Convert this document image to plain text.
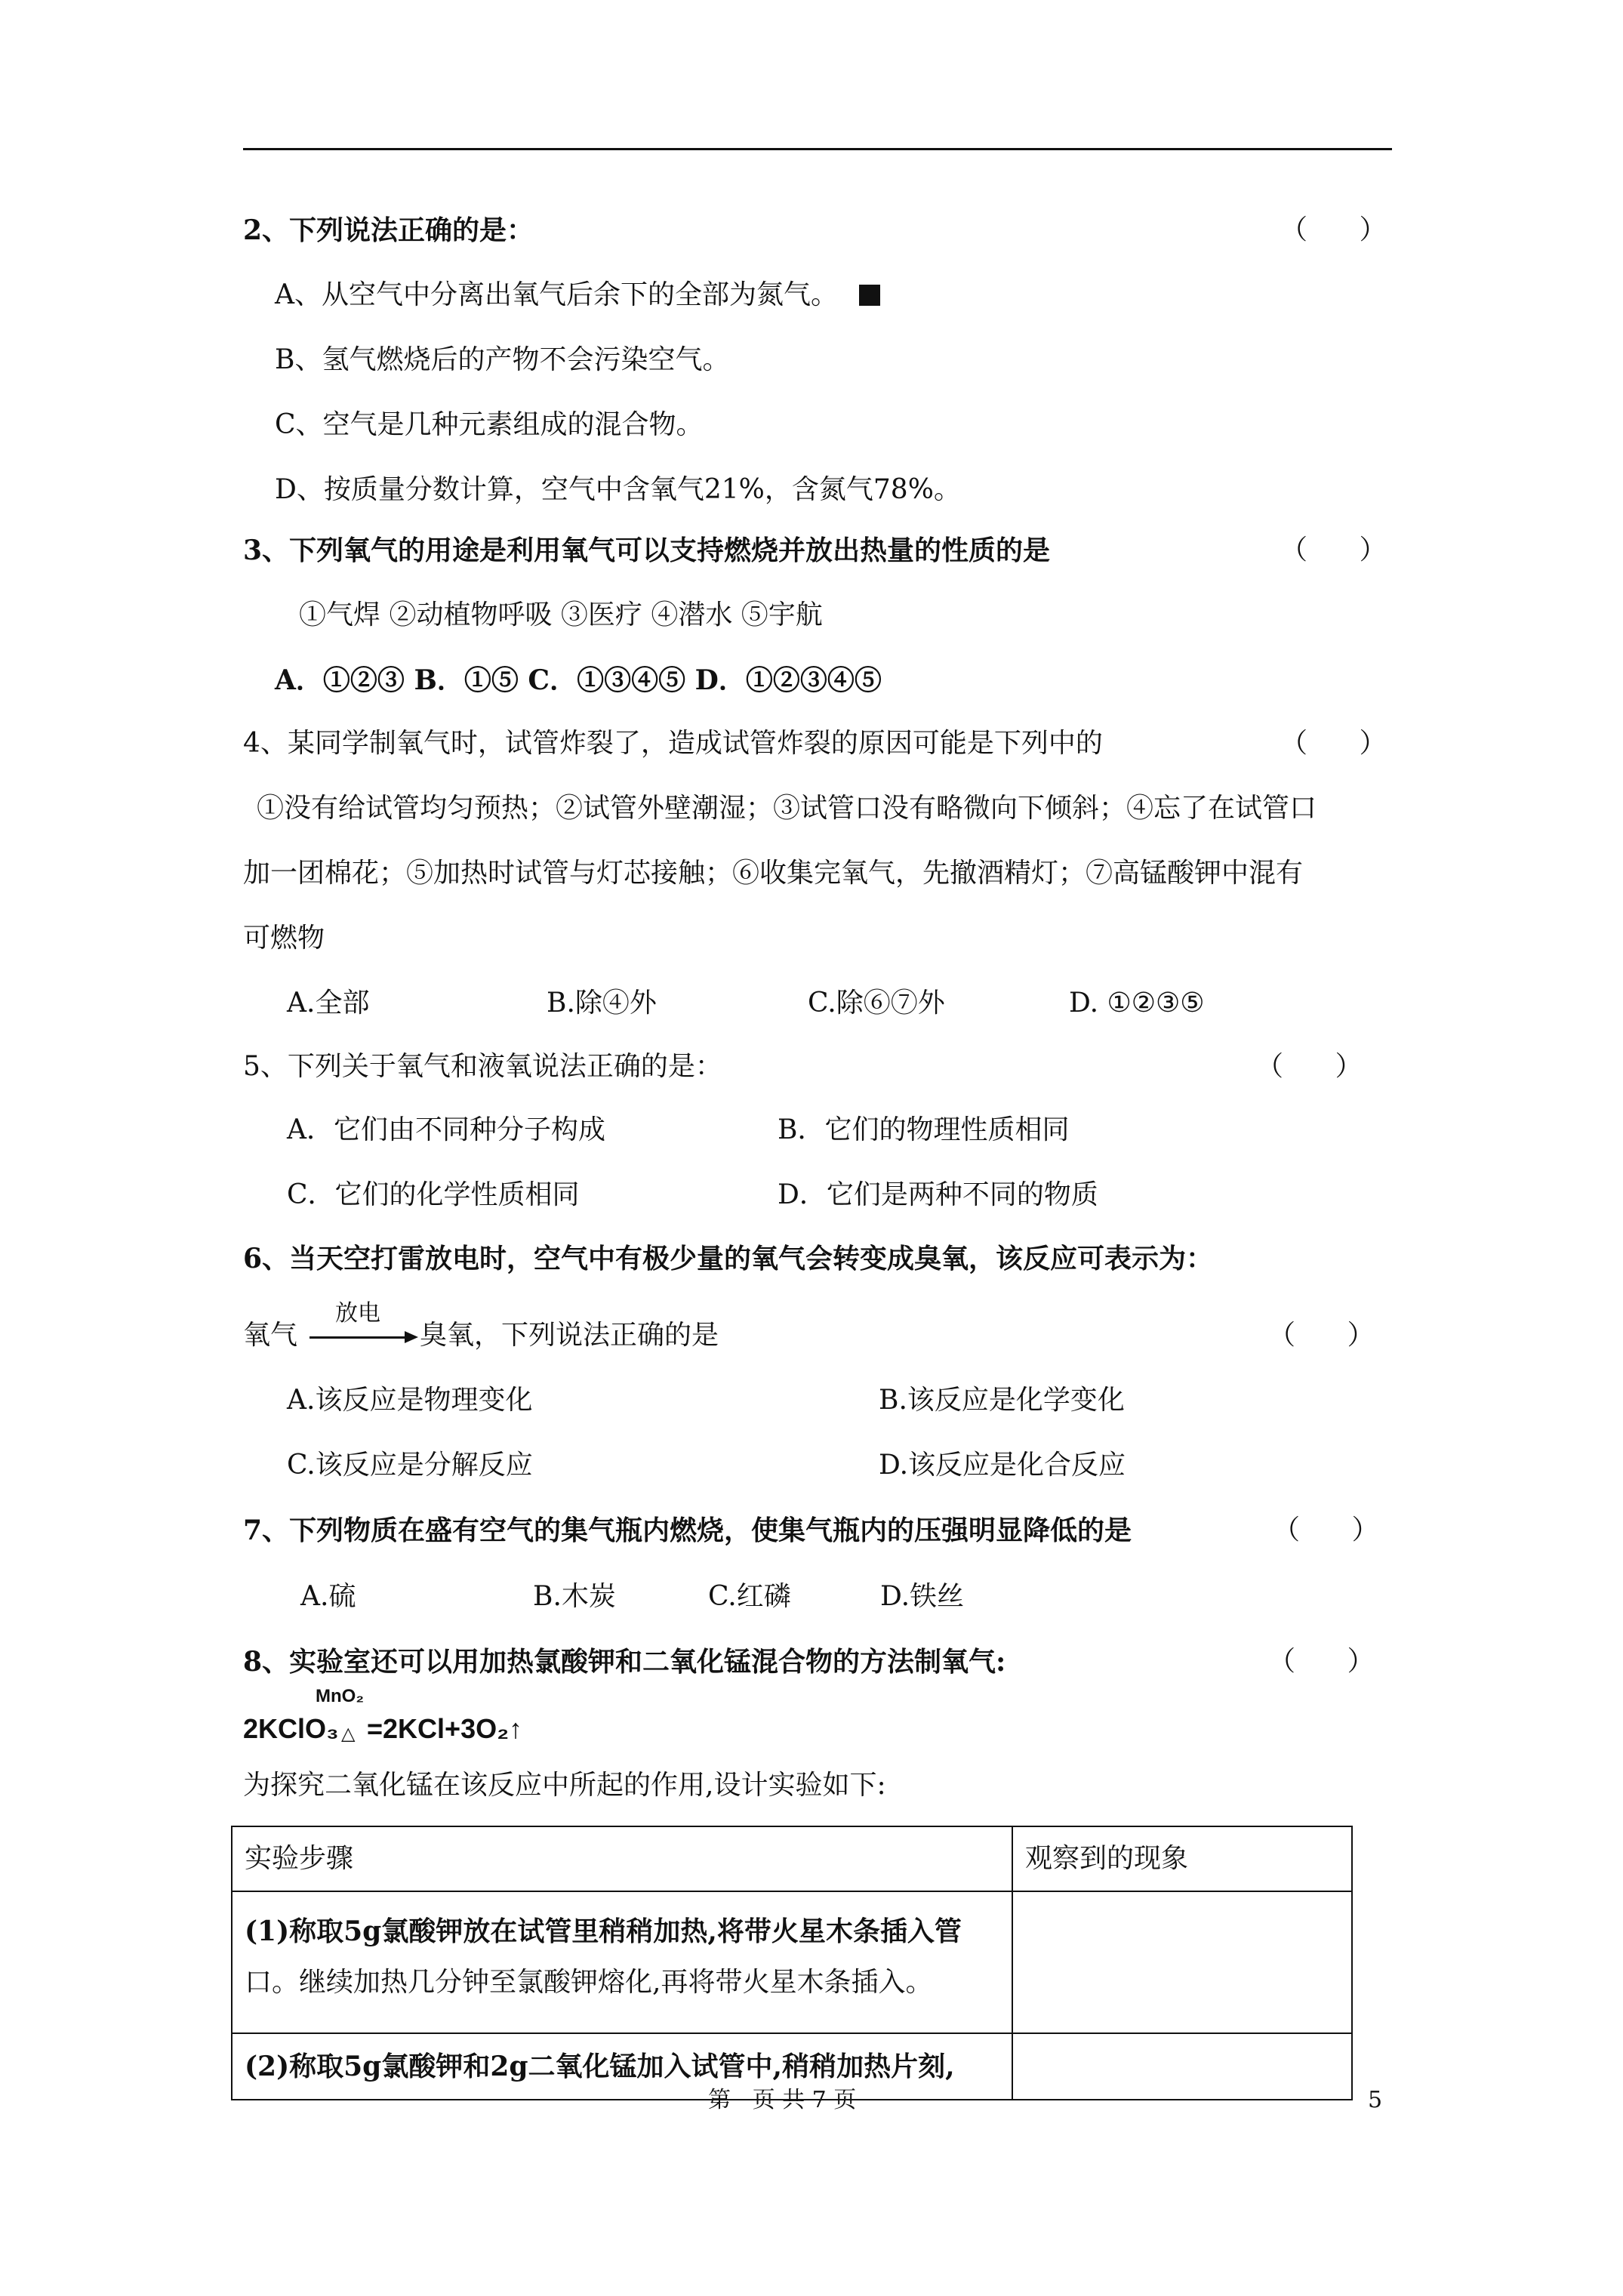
2、下列说法正确的是：	（      ）
A、从空气中分离出氧气后余下的全部为氮气。
B、氢气燃烧后的产物不会污染空气。
C、空气是几种元素组成的混合物。
D、按质量分数计算，空气中含氧气21%，含氮气78%。
3、下列氧气的用途是利用氧气可以支持燃烧并放出热量的性质的是	（      ）
①气焊 ②动植物呼吸 ③医疗 ④潜水 ⑤宇航
A．①②③ B．①⑤ C．①③④⑤ D．①②③④⑤
4、某同学制氧气时，试管炸裂了，造成试管炸裂的原因可能是下列中的	（      ）
①没有给试管均匀预热；②试管外壁潮湿；③试管口没有略微向下倾斜；④忘了在试管口
加一团棉花；⑤加热时试管与灯芯接触；⑥收集完氧气，先撤酒精灯；⑦高锰酸钾中混有
可燃物
A.全部	B.除④外	C.除⑥⑦外	D. ①②③⑤
5、下列关于氧气和液氧说法正确的是：	（      ）
A．它们由不同种分子构成	B．它们的物理性质相同
C．它们的化学性质相同	D．它们是两种不同的物质
6、当天空打雷放电时，空气中有极少量的氧气会转变成臭氧，该反应可表示为：
氧气
放电
臭氧，下列说法正确的是	（      ）
A.该反应是物理变化	B.该反应是化学变化
C.该反应是分解反应	D.该反应是化合反应
7、下列物质在盛有空气的集气瓶内燃烧，使集气瓶内的压强明显降低的是	（      ）
A.硫	B.木炭	C.红磷	D.铁丝
8、实验室还可以用加热氯酸钾和二氧化锰混合物的方法制氧气:	（      ）
MnO₂
2KClO₃ △ =2KCl+3O₂↑
为探究二氧化锰在该反应中所起的作用,设计实验如下:
实验步骤	观察到的现象

(1)称取5g氯酸钾放在试管里稍稍加热,将带火星木条插入管
口。继续加热几分钟至氯酸钾熔化,再将带火星木条插入。	

(2)称取5g氯酸钾和2g二氧化锰加入试管中,稍稍加热片刻,	
第   页 共 7 页	5
